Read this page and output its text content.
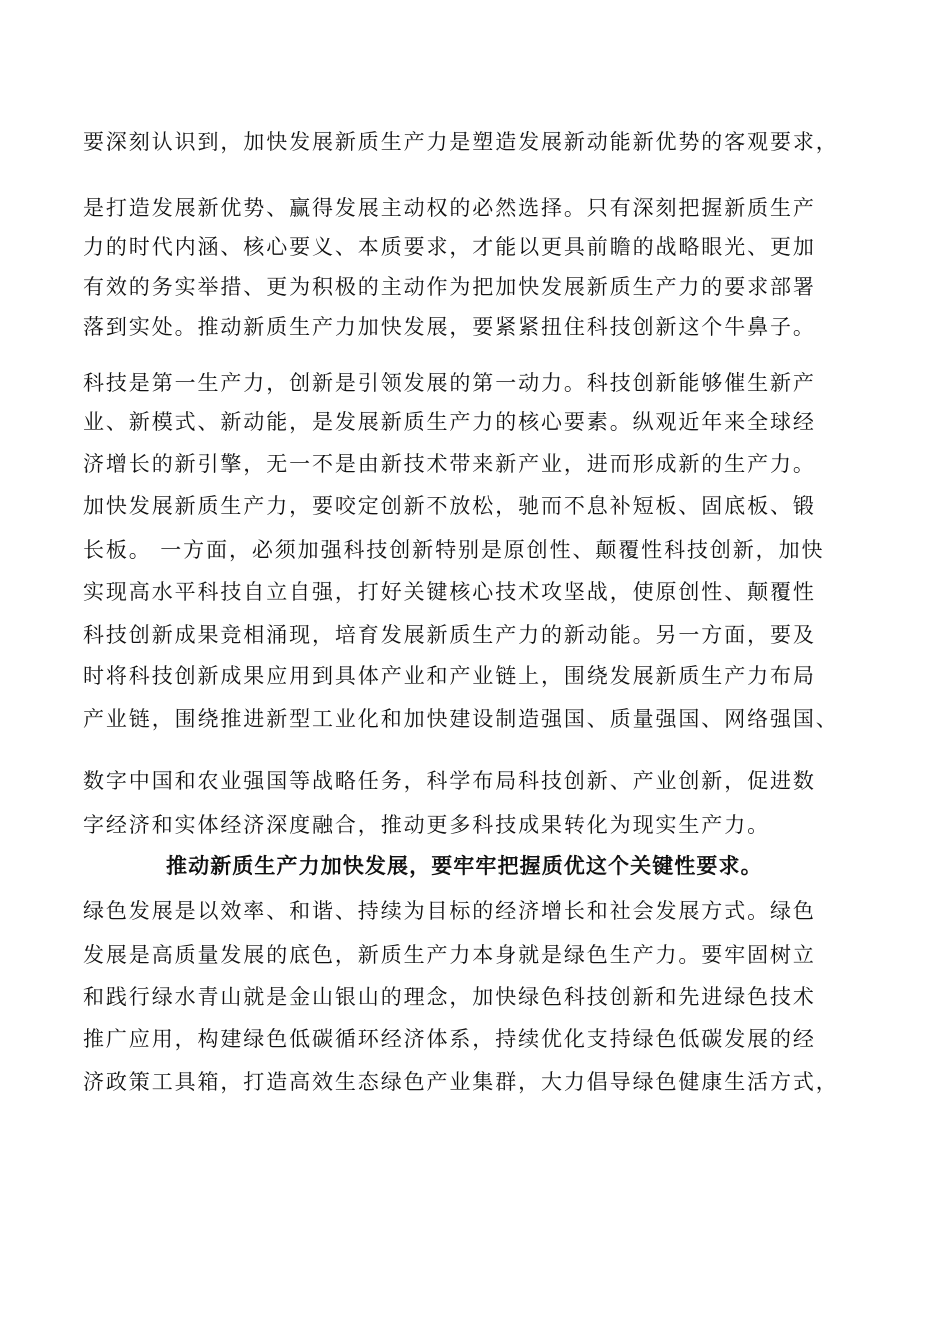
要深刻认识到，加快发展新质生产力是塑造发展新动能新优势的客观要求，

是打造发展新优势、赢得发展主动权的必然选择。只有深刻把握新质生产

力的时代内涵、核心要义、本质要求，才能以更具前瞻的战略眼光、更加

有效的务实举措、更为积极的主动作为把加快发展新质生产力的要求部署

落到实处。推动新质生产力加快发展，要紧紧扭住科技创新这个牛鼻子。

科技是第一生产力，创新是引领发展的第一动力。科技创新能够催生新产

业、新模式、新动能，是发展新质生产力的核心要素。纵观近年来全球经

济增长的新引擎，无一不是由新技术带来新产业，进而形成新的生产力。

加快发展新质生产力，要咬定创新不放松，驰而不息补短板、固底板、锻

长板。 一方面，必须加强科技创新特别是原创性、颠覆性科技创新，加快

实现高水平科技自立自强，打好关键核心技术攻坚战，使原创性、颠覆性

科技创新成果竞相涌现，培育发展新质生产力的新动能。另一方面，要及

时将科技创新成果应用到具体产业和产业链上，围绕发展新质生产力布局

产业链，围绕推进新型工业化和加快建设制造强国、质量强国、网络强国、

数字中国和农业强国等战略任务，科学布局科技创新、产业创新，促进数

字经济和实体经济深度融合，推动更多科技成果转化为现实生产力。

推动新质生产力加快发展，要牢牢把握质优这个关键性要求。

绿色发展是以效率、和谐、持续为目标的经济增长和社会发展方式。绿色

发展是高质量发展的底色，新质生产力本身就是绿色生产力。要牢固树立

和践行绿水青山就是金山银山的理念，加快绿色科技创新和先进绿色技术

推广应用，构建绿色低碳循环经济体系，持续优化支持绿色低碳发展的经

济政策工具箱，打造高效生态绿色产业集群，大力倡导绿色健康生活方式，
